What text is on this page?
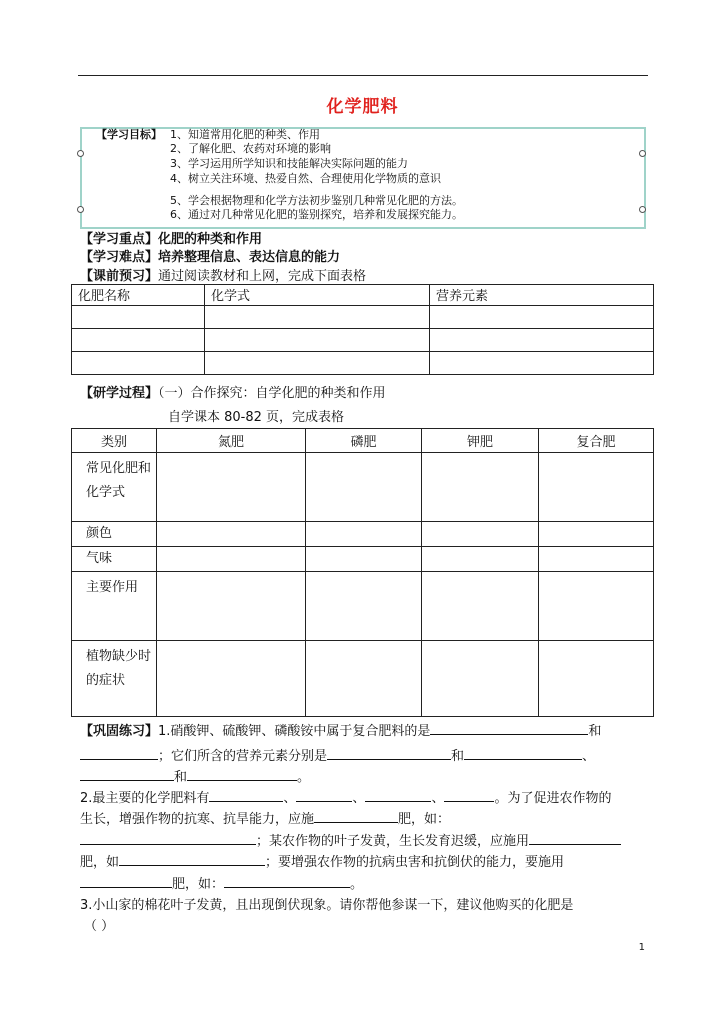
化学肥料
【学习目标】 1、知道常用化肥的种类、作用
2、了解化肥、农药对环境的影响
3、学习运用所学知识和技能解决实际问题的能力
4、树立关注环境、热爱自然、合理使用化学物质的意识
5、学会根据物理和化学方法初步鉴别几种常见化肥的方法。
6、通过对几种常见化肥的鉴别探究，培养和发展探究能力。
【学习重点】化肥的种类和作用
【学习难点】培养整理信息、表达信息的能力
【课前预习】通过阅读教材和上网，完成下面表格
化肥名称	化学式	营养元素

【研学过程】（一）合作探究：自学化肥的种类和作用
自学课本 80-82 页，完成表格
类别	氮肥	磷肥	钾肥	复合肥
常见化肥和化学式				
颜色				
气味				
主要作用				
植物缺少时的症状				
【巩固练习】1.硝酸钾、硫酸钾、磷酸铵中属于复合肥料的是	和
；它们所含的营养元素分别是	和	、
和	。
2.最主要的化学肥料有	、	、	、	。为了促进农作物的
生长，增强作物的抗寒、抗旱能力，应施	肥，如：
；某农作物的叶子发黄，生长发育迟缓，应施用
肥，如	；要增强农作物的抗病虫害和抗倒伏的能力，要施用
肥，如：	。
3.小山家的棉花叶子发黄，且出现倒伏现象。请你帮他参谋一下，建议他购买的化肥是
（ ）
1
